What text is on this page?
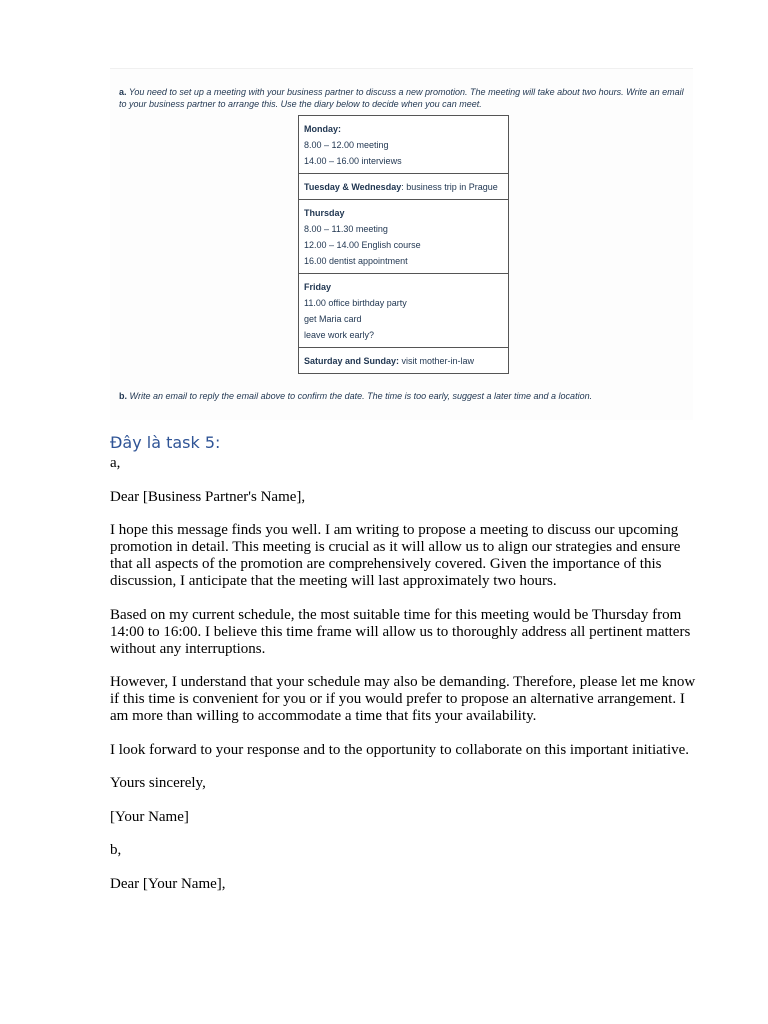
a. You need to set up a meeting with your business partner to discuss a new promotion. The meeting will take about two hours. Write an email to your business partner to arrange this. Use the diary below to decide when you can meet.

Monday:
8.00 – 12.00 meeting
14.00 – 16.00 interviews
Tuesday & Wednesday: business trip in Prague
Thursday
8.00 – 11.30 meeting
12.00 – 14.00 English course
16.00 dentist appointment
Friday
11.00 office birthday party
get Maria card
leave work early?
Saturday and Sunday: visit mother-in-law

b. Write an email to reply the email above to confirm the date. The time is too early, suggest a later time and a location.

Đây là task 5:

a,

Dear [Business Partner's Name],

I hope this message finds you well. I am writing to propose a meeting to discuss our upcoming promotion in detail. This meeting is crucial as it will allow us to align our strategies and ensure that all aspects of the promotion are comprehensively covered. Given the importance of this discussion, I anticipate that the meeting will last approximately two hours.

Based on my current schedule, the most suitable time for this meeting would be Thursday from 14:00 to 16:00. I believe this time frame will allow us to thoroughly address all pertinent matters without any interruptions.

However, I understand that your schedule may also be demanding. Therefore, please let me know if this time is convenient for you or if you would prefer to propose an alternative arrangement. I am more than willing to accommodate a time that fits your availability.

I look forward to your response and to the opportunity to collaborate on this important initiative.

Yours sincerely,

[Your Name]

b,

Dear [Your Name],
